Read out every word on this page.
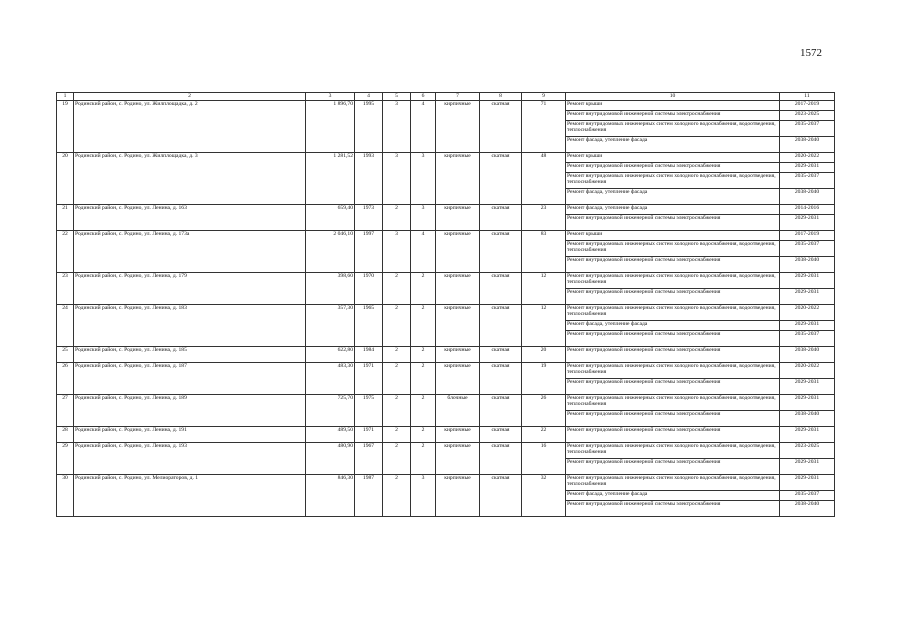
1572
1	2	3	4	5	6	7	8	9	10	11
19	Родинский район, с. Родино, ул. Жилплощадка, д. 2	1 896,70	1995	3	4	кирпичные	скатная	71	Ремонт крыши	2017-2019
									Ремонт внутридомовой инженерной системы электроснабжения	2023-2025
									Ремонт внутридомовых инженерных систем холодного водоснабжения, водоотведения, теплоснабжения	2035-2037
									Ремонт фасада, утепление фасада	2038-2040
20	Родинский район, с. Родино, ул. Жилплощадка, д. 3	1 281,52	1993	3	3	кирпичные	скатная	48	Ремонт крыши	2020-2022
									Ремонт внутридомовой инженерной системы электроснабжения	2029-2031
									Ремонт внутридомовых инженерных систем холодного водоснабжения, водоотведения, теплоснабжения	2035-2037
									Ремонт фасада, утепление фасада	2038-2040
21	Родинский район, с. Родино, ул. Ленина, д. 163	659,40	1973	2	3	кирпичные	скатная	23	Ремонт фасада, утепление фасада	2014-2016
									Ремонт внутридомовой инженерной системы электроснабжения	2029-2031
22	Родинский район, с. Родино, ул. Ленина, д. 173а	2 046,10	1997	3	4	кирпичные	скатная	83	Ремонт крыши	2017-2019
									Ремонт внутридомовых инженерных систем холодного водоснабжения, водоотведения, теплоснабжения	2035-2037
									Ремонт внутридомовой инженерной системы электроснабжения	2038-2040
23	Родинский район, с. Родино, ул. Ленина, д. 179	398,60	1970	2	2	кирпичные	скатная	12	Ремонт внутридомовых инженерных систем холодного водоснабжения, водоотведения, теплоснабжения	2029-2031
									Ремонт внутридомовой инженерной системы электроснабжения	2029-2031
24	Родинский район, с. Родино, ул. Ленина, д. 183	357,30	1965	2	2	кирпичные	скатная	12	Ремонт внутридомовых инженерных систем холодного водоснабжения, водоотведения, теплоснабжения	2020-2022
									Ремонт фасада, утепление фасада	2029-2031
									Ремонт внутридомовой инженерной системы электроснабжения	2035-2037
25	Родинский район, с. Родино, ул. Ленина, д. 185	622,80	1984	2	2	кирпичные	скатная	20	Ремонт внутридомовой инженерной системы электроснабжения	2038-2040
26	Родинский район, с. Родино, ул. Ленина, д. 187	483,30	1971	2	2	кирпичные	скатная	19	Ремонт внутридомовых инженерных систем холодного водоснабжения, водоотведения, теплоснабжения	2020-2022
									Ремонт внутридомовой инженерной системы электроснабжения	2029-2031
27	Родинский район, с. Родино, ул. Ленина, д. 189	725,70	1975	2	2	блочные	скатная	26	Ремонт внутридомовых инженерных систем холодного водоснабжения, водоотведения, теплоснабжения	2029-2031
									Ремонт внутридомовой инженерной системы электроснабжения	2038-2040
28	Родинский район, с. Родино, ул. Ленина, д. 191	489,50	1971	2	2	кирпичные	скатная	22	Ремонт внутридомовой инженерной системы электроснабжения	2029-2031
29	Родинский район, с. Родино, ул. Ленина, д. 193	480,90	1967	2	2	кирпичные	скатная	16	Ремонт внутридомовых инженерных систем холодного водоснабжения, водоотведения, теплоснабжения	2023-2025
									Ремонт внутридомовой инженерной системы электроснабжения	2029-2031
30	Родинский район, с. Родино, ул. Мелиораторов, д. 1	846,30	1987	2	3	кирпичные	скатная	32	Ремонт внутридомовых инженерных систем холодного водоснабжения, водоотведения, теплоснабжения	2029-2031
									Ремонт фасада, утепление фасада	2035-2037
									Ремонт внутридомовой инженерной системы электроснабжения	2038-2040
